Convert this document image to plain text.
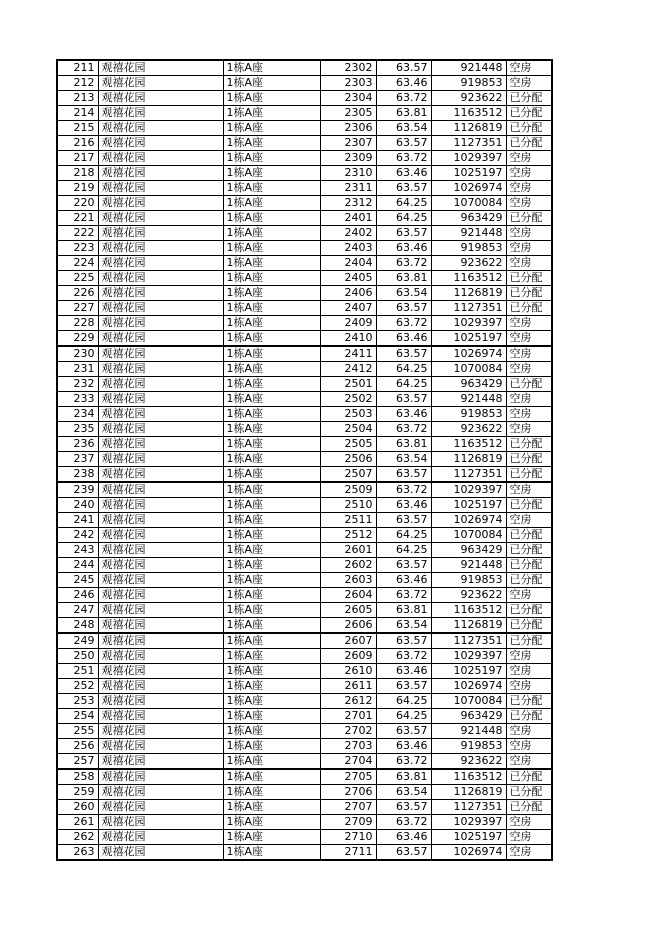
211	观禧花园	1栋A座	2302	63.57	921448	空房
212	观禧花园	1栋A座	2303	63.46	919853	空房
213	观禧花园	1栋A座	2304	63.72	923622	已分配
214	观禧花园	1栋A座	2305	63.81	1163512	已分配
215	观禧花园	1栋A座	2306	63.54	1126819	已分配
216	观禧花园	1栋A座	2307	63.57	1127351	已分配
217	观禧花园	1栋A座	2309	63.72	1029397	空房
218	观禧花园	1栋A座	2310	63.46	1025197	空房
219	观禧花园	1栋A座	2311	63.57	1026974	空房
220	观禧花园	1栋A座	2312	64.25	1070084	空房
221	观禧花园	1栋A座	2401	64.25	963429	已分配
222	观禧花园	1栋A座	2402	63.57	921448	空房
223	观禧花园	1栋A座	2403	63.46	919853	空房
224	观禧花园	1栋A座	2404	63.72	923622	空房
225	观禧花园	1栋A座	2405	63.81	1163512	已分配
226	观禧花园	1栋A座	2406	63.54	1126819	已分配
227	观禧花园	1栋A座	2407	63.57	1127351	已分配
228	观禧花园	1栋A座	2409	63.72	1029397	空房
229	观禧花园	1栋A座	2410	63.46	1025197	空房
230	观禧花园	1栋A座	2411	63.57	1026974	空房
231	观禧花园	1栋A座	2412	64.25	1070084	空房
232	观禧花园	1栋A座	2501	64.25	963429	已分配
233	观禧花园	1栋A座	2502	63.57	921448	空房
234	观禧花园	1栋A座	2503	63.46	919853	空房
235	观禧花园	1栋A座	2504	63.72	923622	空房
236	观禧花园	1栋A座	2505	63.81	1163512	已分配
237	观禧花园	1栋A座	2506	63.54	1126819	已分配
238	观禧花园	1栋A座	2507	63.57	1127351	已分配
239	观禧花园	1栋A座	2509	63.72	1029397	空房
240	观禧花园	1栋A座	2510	63.46	1025197	已分配
241	观禧花园	1栋A座	2511	63.57	1026974	空房
242	观禧花园	1栋A座	2512	64.25	1070084	已分配
243	观禧花园	1栋A座	2601	64.25	963429	已分配
244	观禧花园	1栋A座	2602	63.57	921448	已分配
245	观禧花园	1栋A座	2603	63.46	919853	已分配
246	观禧花园	1栋A座	2604	63.72	923622	空房
247	观禧花园	1栋A座	2605	63.81	1163512	已分配
248	观禧花园	1栋A座	2606	63.54	1126819	已分配
249	观禧花园	1栋A座	2607	63.57	1127351	已分配
250	观禧花园	1栋A座	2609	63.72	1029397	空房
251	观禧花园	1栋A座	2610	63.46	1025197	空房
252	观禧花园	1栋A座	2611	63.57	1026974	空房
253	观禧花园	1栋A座	2612	64.25	1070084	已分配
254	观禧花园	1栋A座	2701	64.25	963429	已分配
255	观禧花园	1栋A座	2702	63.57	921448	空房
256	观禧花园	1栋A座	2703	63.46	919853	空房
257	观禧花园	1栋A座	2704	63.72	923622	空房
258	观禧花园	1栋A座	2705	63.81	1163512	已分配
259	观禧花园	1栋A座	2706	63.54	1126819	已分配
260	观禧花园	1栋A座	2707	63.57	1127351	已分配
261	观禧花园	1栋A座	2709	63.72	1029397	空房
262	观禧花园	1栋A座	2710	63.46	1025197	空房
263	观禧花园	1栋A座	2711	63.57	1026974	空房
